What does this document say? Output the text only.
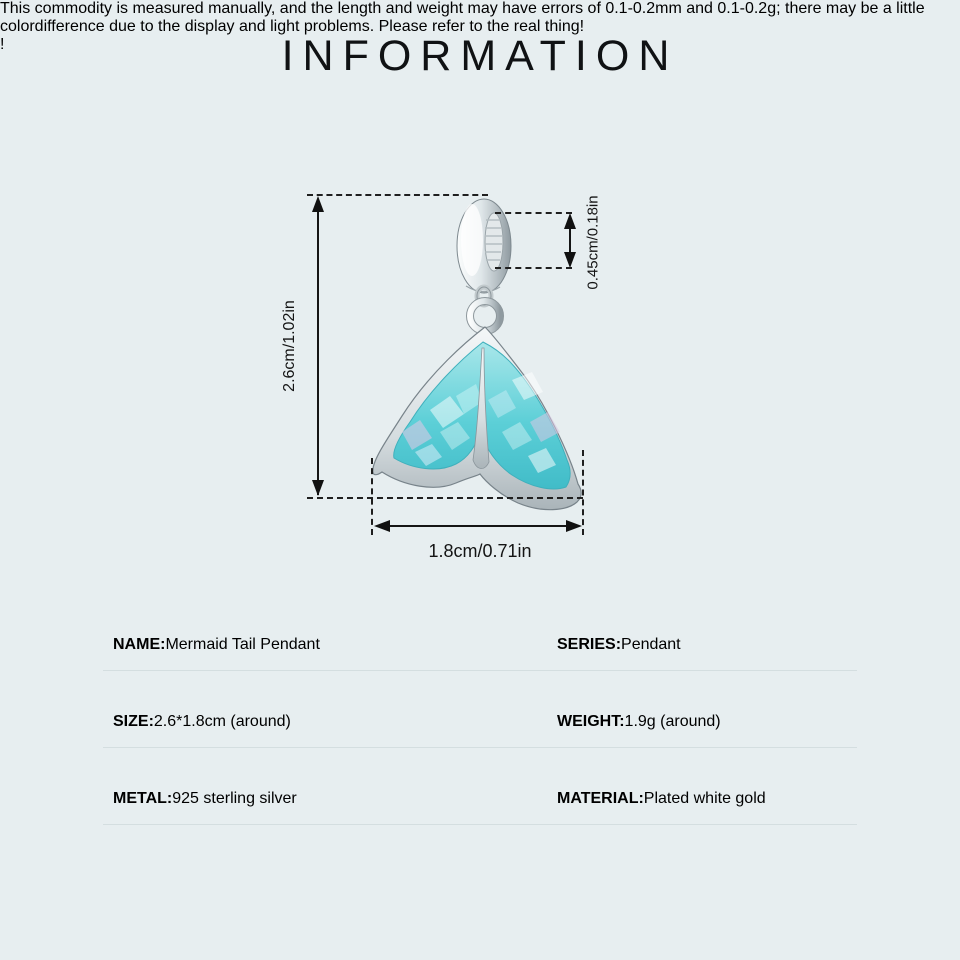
INFORMATION
2.6cm/1.02in
0.45cm/0.18in
1.8cm/0.71in
NAME: Mermaid Tail Pendant	SERIES: Pendant
SIZE: 2.6*1.8cm (around)	WEIGHT: 1.9g (around)
METAL: 925 sterling silver	MATERIAL: Plated white gold
This commodity is measured manually, and the length and weight may have errors of 0.1-0.2mm and 0.1-0.2g; there may be a little colordifference due to the display and light problems. Please refer to the real thing!
!
